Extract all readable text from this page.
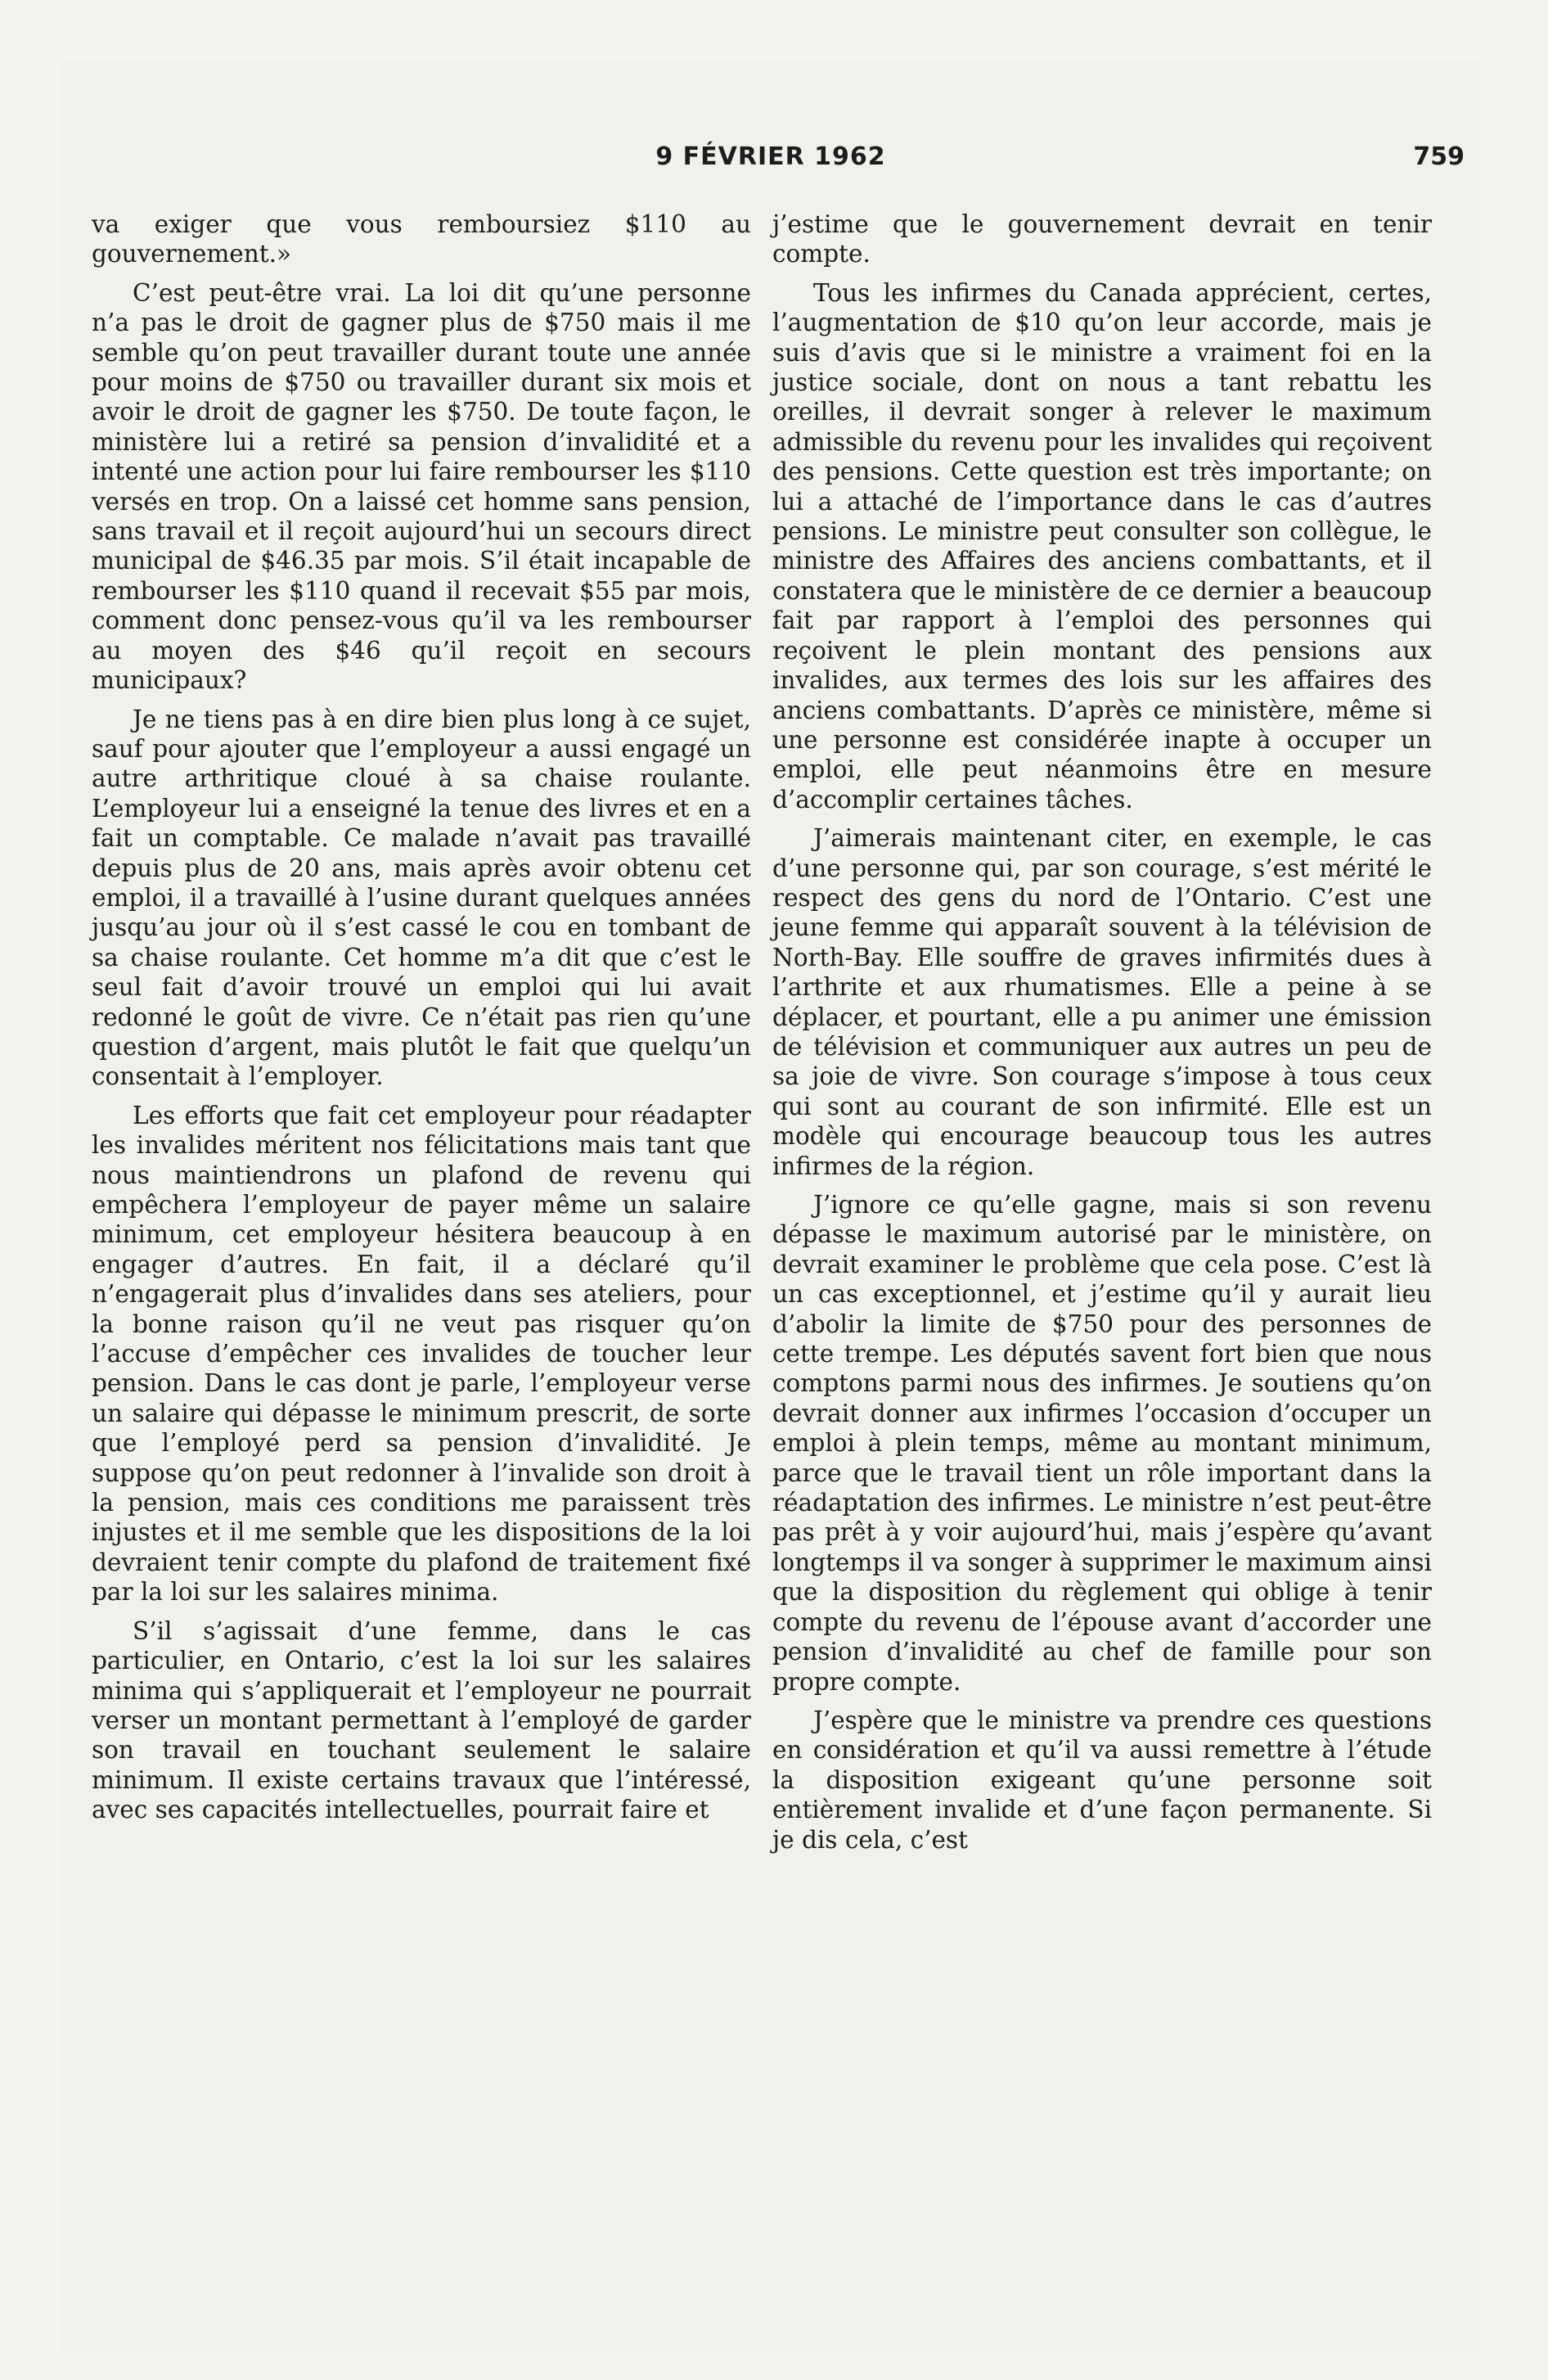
9 FÉVRIER 1962	759

va exiger que vous remboursiez $110 au gouvernement.»

C’est peut-être vrai. La loi dit qu’une personne n’a pas le droit de gagner plus de $750 mais il me semble qu’on peut travailler durant toute une année pour moins de $750 ou travailler durant six mois et avoir le droit de gagner les $750. De toute façon, le ministère lui a retiré sa pension d’invalidité et a intenté une action pour lui faire rembourser les $110 versés en trop. On a laissé cet homme sans pension, sans travail et il reçoit aujourd’hui un secours direct municipal de $46.35 par mois. S’il était incapable de rembourser les $110 quand il recevait $55 par mois, comment donc pensez-vous qu’il va les rembourser au moyen des $46 qu’il reçoit en secours municipaux?

Je ne tiens pas à en dire bien plus long à ce sujet, sauf pour ajouter que l’employeur a aussi engagé un autre arthritique cloué à sa chaise roulante. L’employeur lui a enseigné la tenue des livres et en a fait un comptable. Ce malade n’avait pas travaillé depuis plus de 20 ans, mais après avoir obtenu cet emploi, il a travaillé à l’usine durant quelques années jusqu’au jour où il s’est cassé le cou en tombant de sa chaise roulante. Cet homme m’a dit que c’est le seul fait d’avoir trouvé un emploi qui lui avait redonné le goût de vivre. Ce n’était pas rien qu’une question d’argent, mais plutôt le fait que quelqu’un consentait à l’employer.

Les efforts que fait cet employeur pour réadapter les invalides méritent nos félicitations mais tant que nous maintiendrons un plafond de revenu qui empêchera l’employeur de payer même un salaire minimum, cet employeur hésitera beaucoup à en engager d’autres. En fait, il a déclaré qu’il n’engagerait plus d’invalides dans ses ateliers, pour la bonne raison qu’il ne veut pas risquer qu’on l’accuse d’empêcher ces invalides de toucher leur pension. Dans le cas dont je parle, l’employeur verse un salaire qui dépasse le minimum prescrit, de sorte que l’employé perd sa pension d’invalidité. Je suppose qu’on peut redonner à l’invalide son droit à la pension, mais ces conditions me paraissent très injustes et il me semble que les dispositions de la loi devraient tenir compte du plafond de traitement fixé par la loi sur les salaires minima.

S’il s’agissait d’une femme, dans le cas particulier, en Ontario, c’est la loi sur les salaires minima qui s’appliquerait et l’employeur ne pourrait verser un montant permettant à l’employé de garder son travail en touchant seulement le salaire minimum. Il existe certains travaux que l’intéressé, avec ses capacités intellectuelles, pourrait faire et

j’estime que le gouvernement devrait en tenir compte.

Tous les infirmes du Canada apprécient, certes, l’augmentation de $10 qu’on leur accorde, mais je suis d’avis que si le ministre a vraiment foi en la justice sociale, dont on nous a tant rebattu les oreilles, il devrait songer à relever le maximum admissible du revenu pour les invalides qui reçoivent des pensions. Cette question est très importante; on lui a attaché de l’importance dans le cas d’autres pensions. Le ministre peut consulter son collègue, le ministre des Affaires des anciens combattants, et il constatera que le ministère de ce dernier a beaucoup fait par rapport à l’emploi des personnes qui reçoivent le plein montant des pensions aux invalides, aux termes des lois sur les affaires des anciens combattants. D’après ce ministère, même si une personne est considérée inapte à occuper un emploi, elle peut néanmoins être en mesure d’accomplir certaines tâches.

J’aimerais maintenant citer, en exemple, le cas d’une personne qui, par son courage, s’est mérité le respect des gens du nord de l’Ontario. C’est une jeune femme qui apparaît souvent à la télévision de North-Bay. Elle souffre de graves infirmités dues à l’arthrite et aux rhumatismes. Elle a peine à se déplacer, et pourtant, elle a pu animer une émission de télévision et communiquer aux autres un peu de sa joie de vivre. Son courage s’impose à tous ceux qui sont au courant de son infirmité. Elle est un modèle qui encourage beaucoup tous les autres infirmes de la région.

J’ignore ce qu’elle gagne, mais si son revenu dépasse le maximum autorisé par le ministère, on devrait examiner le problème que cela pose. C’est là un cas exceptionnel, et j’estime qu’il y aurait lieu d’abolir la limite de $750 pour des personnes de cette trempe. Les députés savent fort bien que nous comptons parmi nous des infirmes. Je soutiens qu’on devrait donner aux infirmes l’occasion d’occuper un emploi à plein temps, même au montant minimum, parce que le travail tient un rôle important dans la réadaptation des infirmes. Le ministre n’est peut-être pas prêt à y voir aujourd’hui, mais j’espère qu’avant longtemps il va songer à supprimer le maximum ainsi que la disposition du règlement qui oblige à tenir compte du revenu de l’épouse avant d’accorder une pension d’invalidité au chef de famille pour son propre compte.

J’espère que le ministre va prendre ces questions en considération et qu’il va aussi remettre à l’étude la disposition exigeant qu’une personne soit entièrement invalide et d’une façon permanente. Si je dis cela, c’est
